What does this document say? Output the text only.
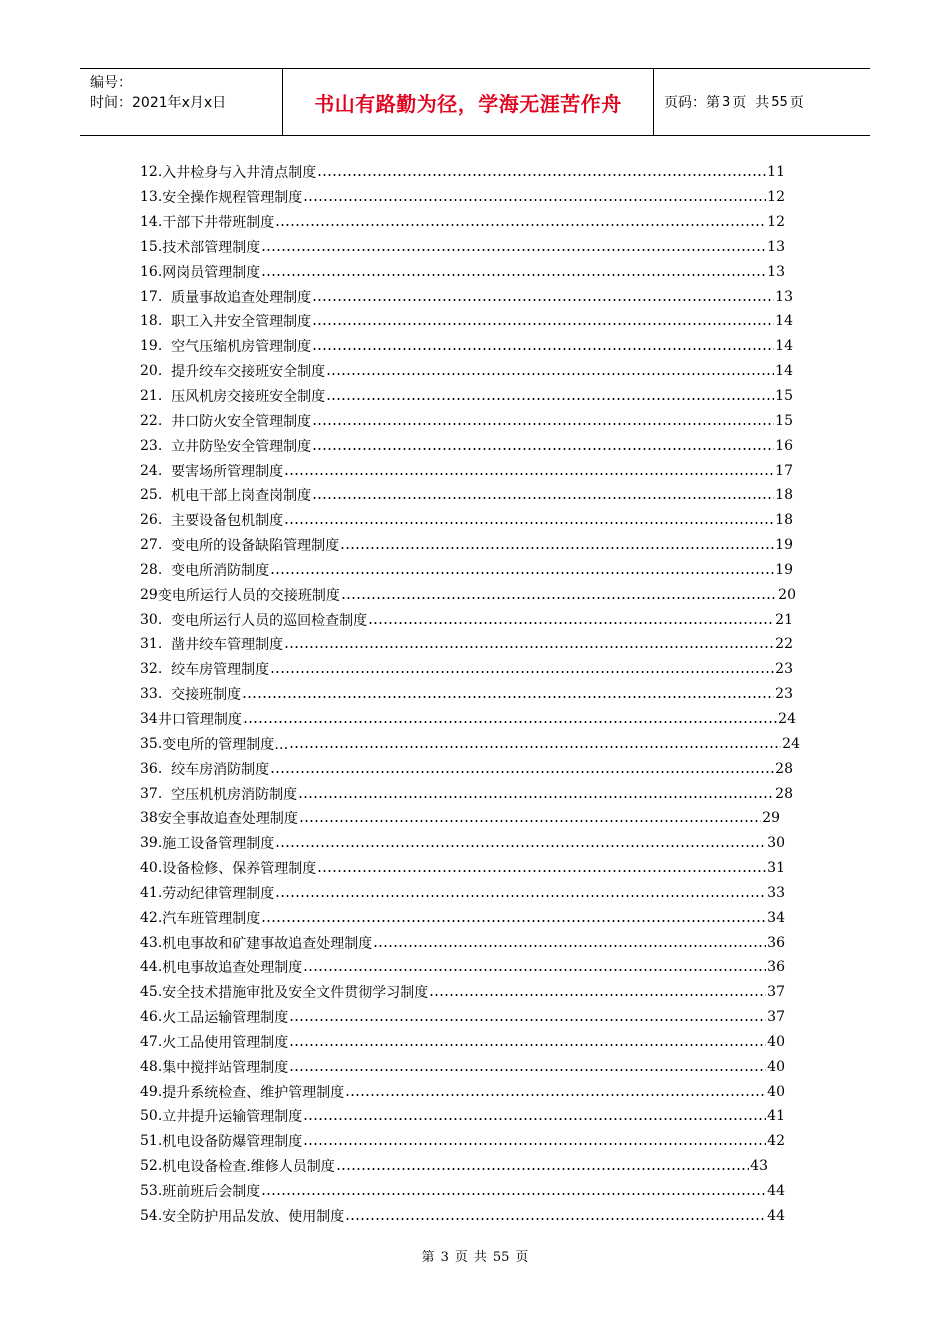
编号：
时间：2021年x月x日	书山有路勤为径，学海无涯苦作舟	页码：第 3 页  共 55 页
12. 入井检身与入井清点制度	11
13. 安全操作规程管理制度	12
14. 干部下井带班制度	12
15. 技术部管理制度	13
16. 网岗员管理制度	13
17. 质量事故追查处理制度	13
18. 职工入井安全管理制度	14
19. 空气压缩机房管理制度	14
20. 提升绞车交接班安全制度	14
21. 压风机房交接班安全制度	15
22. 井口防火安全管理制度	15
23. 立井防坠安全管理制度	16
24. 要害场所管理制度	17
25. 机电干部上岗查岗制度	18
26. 主要设备包机制度	18
27. 变电所的设备缺陷管理制度	19
28. 变电所消防制度	19
29 变电所运行人员的交接班制度	20
30. 变电所运行人员的巡回检查制度	21
31. 凿井绞车管理制度	22
32. 绞车房管理制度	23
33. 交接班制度	23
34 井口管理制度	24
35. 变电所的管理制度…	24
36. 绞车房消防制度	28
37. 空压机机房消防制度	28
38 安全事故追查处理制度	29
39. 施工设备管理制度	30
40. 设备检修、保养管理制度	31
41. 劳动纪律管理制度	33
42. 汽车班管理制度	34
43. 机电事故和矿建事故追查处理制度	36
44. 机电事故追查处理制度	36
45. 安全技术措施审批及安全文件贯彻学习制度	37
46. 火工品运输管理制度	37
47. 火工品使用管理制度	40
48. 集中搅拌站管理制度	40
49. 提升系统检查、维护管理制度	40
50. 立井提升运输管理制度	41
51. 机电设备防爆管理制度	42
52. 机电设备检查.维修人员制度	43
53. 班前班后会制度	44
54. 安全防护用品发放、使用制度	44
第 3 页 共 55 页
